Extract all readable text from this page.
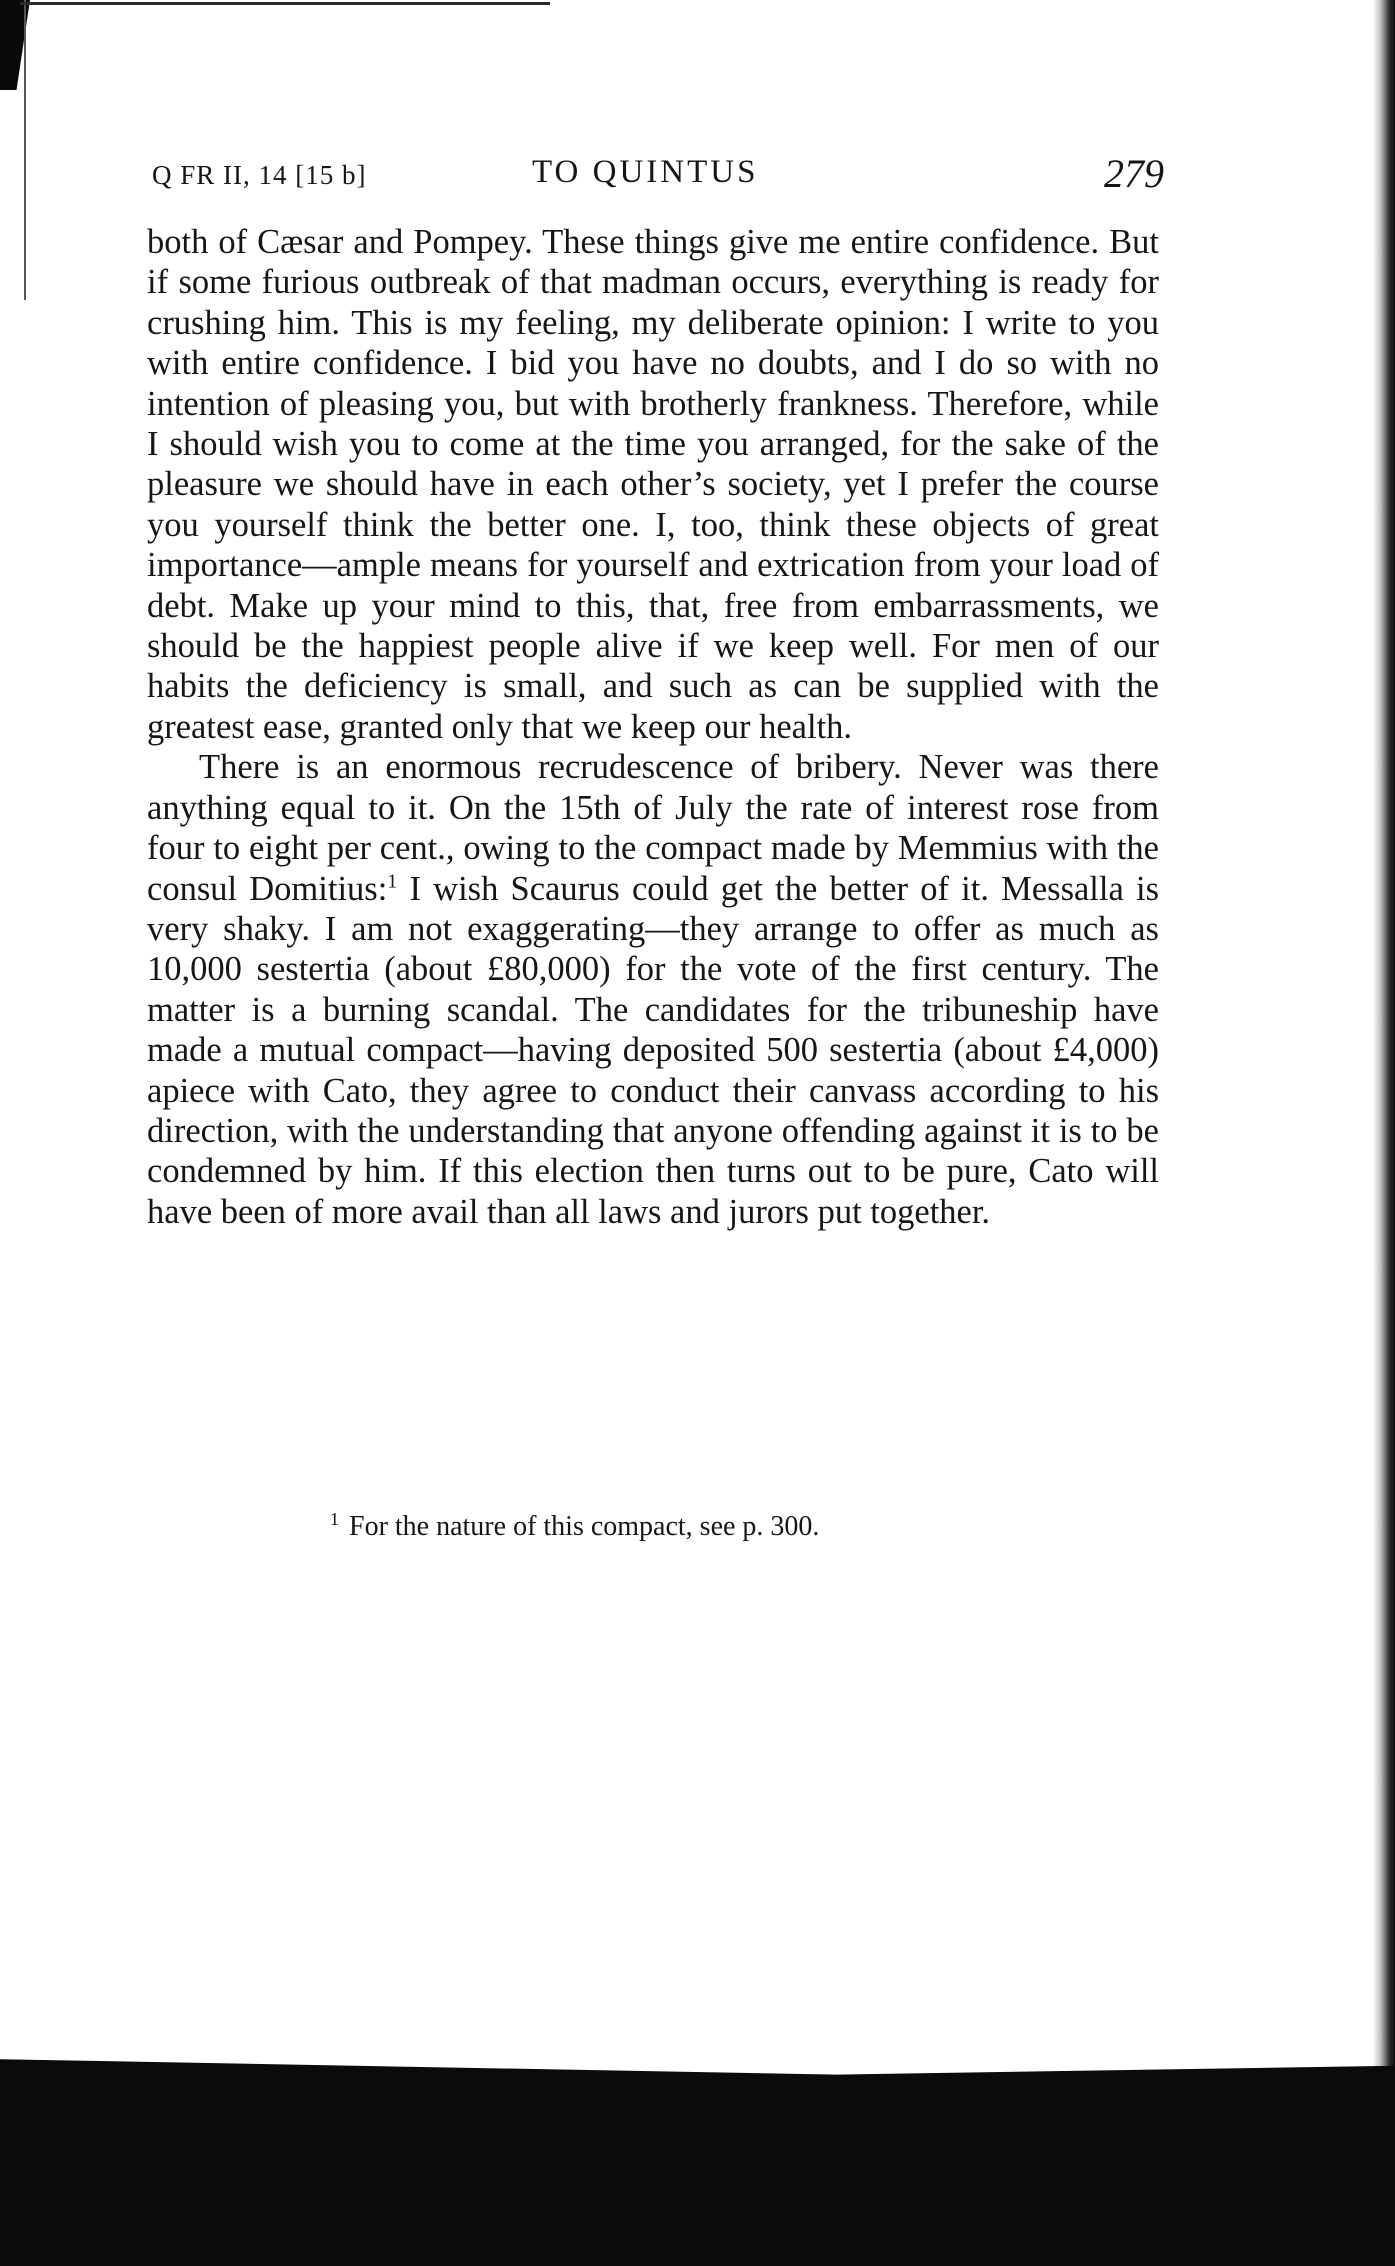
Q FR II, 14 [15 b]	TO QUINTUS	279

both of Cæsar and Pompey. These things give me entire confidence. But if some furious outbreak of that madman occurs, everything is ready for crushing him. This is my feeling, my deliberate opinion: I write to you with entire confidence. I bid you have no doubts, and I do so with no intention of pleasing you, but with brotherly frankness. Therefore, while I should wish you to come at the time you arranged, for the sake of the pleasure we should have in each other’s society, yet I prefer the course you yourself think the better one. I, too, think these objects of great importance—ample means for yourself and extrication from your load of debt. Make up your mind to this, that, free from embarrassments, we should be the happiest people alive if we keep well. For men of our habits the deficiency is small, and such as can be supplied with the greatest ease, granted only that we keep our health.

There is an enormous recrudescence of bribery. Never was there anything equal to it. On the 15th of July the rate of interest rose from four to eight per cent., owing to the compact made by Memmius with the consul Domitius:$^1$ I wish Scaurus could get the better of it. Messalla is very shaky. I am not exaggerating—they arrange to offer as much as 10,000 sestertia (about £80,000) for the vote of the first century. The matter is a burning scandal. The candidates for the tribuneship have made a mutual compact—having deposited 500 sestertia (about £4,000) apiece with Cato, they agree to conduct their canvass according to his direction, with the understanding that anyone offending against it is to be condemned by him. If this election then turns out to be pure, Cato will have been of more avail than all laws and jurors put together.

$^1$ For the nature of this compact, see p. 300.
